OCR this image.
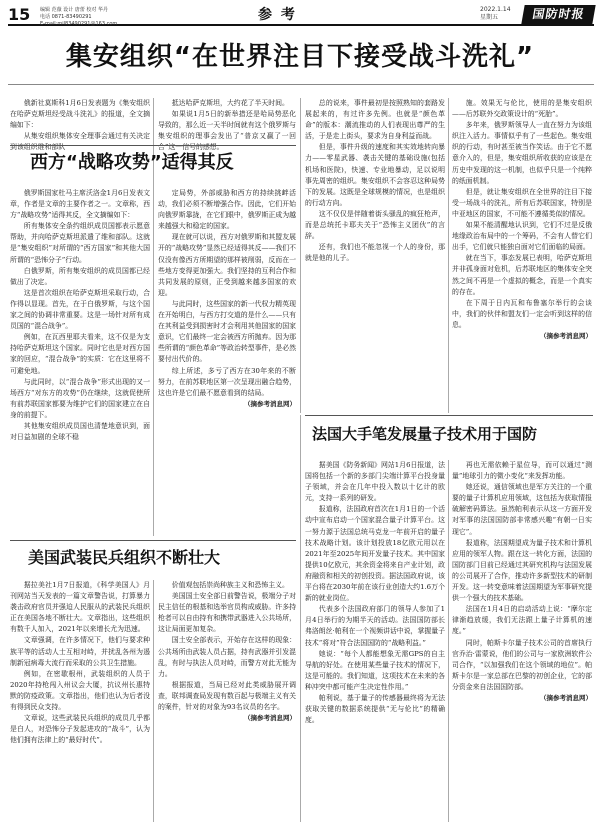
15	编辑 范薇 设计 唐蕾 校对 华丹
电话 0871-83490291
E-mail:mil83490291@163.com
参 考	2022.1.14
星期五	国防时报
集安组织“在世界注目下接受战斗洗礼”

俄新社莫斯科1月6日发表题为《集安组织在哈萨克斯坦经受战斗洗礼》的报道，全文摘编如下：

从集安组织集体安全理事会通过有关决定到该组织维和部队

抵达哈萨克斯坦，大约花了半天时间。

如果说1月5日的新举措还是哈局势恶化导致的，那么近一天半时间就有这个俄罗斯与集安组织的理事会发出了“普京又赢了一回合”这一信号的感想。

总的说来，事件最初是按照熟知的套路发展起来的，有过许多先例。也就是“颜色革命”的版本：潮流推动的人们表现出尊严的生活，于是走上街头，要求为自身利益而战。

但是，事件升级的速度和其实效地转向暴力——零星武器、袭击关键的基础设施(包括机场和医院)，快速、专业地暴动，足以说明事先周密的组织。集安组织不会容忍这种局势下的发展。这既是全球规模的情况，也是组织的行动方向。

这不仅仅是伴随着街头骚乱的疯狂枪声，而是总统托卡耶夫关于“恐怖主义团伙”的言辞。

还有，我们也不能忽视一个人的身份，那就是他的儿子。

施。效果无与伦比，使用的是集安组织——后苏联外交政策设计的“死胎”。

多年来，俄罗斯领导人一直在努力为该组织注入活力。事情似乎有了一些起色。集安组织的行动，有时甚至被当作笑话。由于它不愿意介入的，但是，集安组织所收获的应该是在历史中发现的这一机制，也似乎只是一个纯粹的纸面机制。

但是，就让集安组织在全世界的注目下接受一场战斗的洗礼，所有后苏联国家，特别是中亚地区的国家，不可能不遵循类似的情况。

如果不能清醒地认识到，它们不过是反俄地缘政治布局中的一个筹码，不会有人替它们出手，它们就只能独自面对它们面临的局面。

就在当下，事态发展已表明，哈萨克斯坦并非孤身面对危机，后苏联地区的集体安全突然之间不再是一个虚拟的概念，而是一个真实的存在。

在下周于日内瓦和布鲁塞尔举行的会谈中，我们的伙伴和盟友们一定会听到这样的信息。

（摘参考消息网）
西方“战略攻势”适得其反

俄罗斯国家杜马主席沃洛金1月6日发表文章，作者是文章的主要作者之一。文章称，西方“战略攻势”适得其反，全文摘编如下：

所有集体安全条约组织成员国都表示愿意帮助，并向哈萨克斯坦派遣了维和部队。这就是“集安组织”对所谓的“西方国家”和其他大国所谓的“恐怖分子”行动。

白俄罗斯，所有集安组织的成员国都已经做出了决定。

这是首次组织在哈萨克斯坦采取行动，合作得以显现。首先，在于白俄罗斯，与这个国家之间的协调非常重要。这是一场针对所有成员国的“混合战争”。

例如，在瓦西里耶夫看来，这不仅是为支持哈萨克斯坦这个国家。同时它也是对西方国家的回应，“混合战争”的实质：它在这里将不可避免地。

与此同时，以“混合战争”形式出现的又一场西方“对东方的攻势”仍在继续，这就促使所有前苏联国家都要为维护它们的国家建立在自身的前提下。

其他集安组织成员国也清楚地意识到，面对日益加剧的全球不稳

定局势，外部威胁和西方的持续挑衅活动，我们必须不断增强合作。因此，它们开始向俄罗斯靠拢，在它们眼中，俄罗斯正成为越来越强大和稳定的国家。

现在就可以说，西方对俄罗斯和其盟友展开的“战略攻势”显然已经适得其反——我们不仅没有像西方所期望的那样被削弱，反而在一些地方变得更加强大。我们坚持的互利合作和共同发展的原则，正受到越来越多国家的欢迎。

与此同时，这些国家的新一代权力精英现在开始明白，与西方打交道的是什么——只有在其利益受到损害时才会利用其他国家的国家意识，它们最终一定会被西方所抛弃。因为那些所谓的“颜色革命”等政治转型事件，是必然要付出代价的。

综上所述，多亏了西方在30年来的不断努力，在前苏联地区第一次呈现出融合趋势，这也许是它们最不愿意看到的结局。

（摘参考消息网）
法国大手笔发展量子技术用于国防

据美国《防务新闻》网站1月6日报道，法国将包括一个新的多部门尖端计算平台投身量子领域，并会在几年中投入数以十亿计的欧元，支持一系列的研发。

报道称，法国政府首次在1月1日的一个活动中宣布启动一个国家混合量子计算平台。这一努力源于法国总统马克龙一年前开启的量子技术战略计划。该计划投放18亿欧元用以在2021年至2025年间开发量子技术。其中国家提供10亿欧元，其余资金将来自产业计划，政府融资和相关的初创投资。据法国政府说，该平台将在2030年前在该行业创造大约1.6万个新的就业岗位。

代表多个法国政府部门的领导人参加了1月4日举行的为期半天的活动。法国国防部长弗洛朗丝·帕利在一个视频讲话中说，掌握量子技术“将对”符合法国国防的“战略利益。”

她说：“每个人都能想象无需GPS的自主导航的好处。在使用某些量子技术的情况下，这是可能的。我们知道，这项技术在未来的各种冲突中都可能产生决定性作用。”

帕利说，基于量子的传感器最终将为无法获取关键的数据系统提供“无与伦比”的精确度。

再也无需依赖于星位导，而可以通过“测量”地球引力的微小变化“来发挥功能。

她还说，通信领域也是军方关注的一个重要的量子计算机应用领域，这包括为获取情报破解密码算法。虽然帕利表示从这一方面开发对军事的法国国防部非常感兴趣“有朝一日实现它”。

报道称，法国期望成为量子技术和计算机应用的领军人物。跟在这一转化方面，法国的国防部门目前已经通过其研究机构与法国发展的公司展开了合作，推动许多新型技术的研制开发。这一转变意味着法国期望为军事研究提供一个强大的技术基础。

法国在1月4日的启动活动上说：“摩尔定律渐趋放缓，我们无法跟上量子计算机的速度。”

同时，帕斯卡尔量子技术公司的首席执行官乔治·雷蒙说，他们的公司与一家欧洲软件公司合作，“以加强我们在这个领域的地位”。帕斯卡尔是一家总部在巴黎的初创企业，它的部分资金来自法国国防部。

（摘参考消息网）
美国武装民兵组织不断壮大

据拉美社1月7日报道，《科学美国人》月刊网站当天发表的一篇文章警告说，打算暴力袭击政府官员并强迫人民服从的武装民兵组织正在美国各地不断壮大。文章指出，这些组织有数千人加入，2021年以来增长尤为迅速。

文章强调，在许多情况下，他们与要求种族平等的活动人士互相对峙，并扰乱各州为遏制新冠病毒大流行而采取的公共卫生措施。

例如，在密歇根州，武装组织的人员于2020年持枪闯入州议会大厦，抗议州长惠特默的防疫政策。文章指出，他们也认为后者没有得到民众支持。

文章说，这些武装民兵组织的成员几乎都是白人，对恐怖分子发起进攻的“战斗”，认为他们拥有法律上的“最好时代”。

价值观包括崇尚种族主义和恐怖主义。

美国国土安全部日前警告说，极端分子对民主信任的根基和选举官员构成威胁。许多持枪者可以自由持有和携带武器进入公共场所，这让局面更加复杂。

国土安全部表示，开始存在这样的现象：公共场所由武装人员占据，持有武器并引发混乱，有时与执法人员对峙，而警方对此无能为力。

根据报道，当局已经对此类威胁展开调查，联邦调查局发现有数百起与极端主义有关的案件，针对的对象为93名议员的名字。

（摘参考消息网）
